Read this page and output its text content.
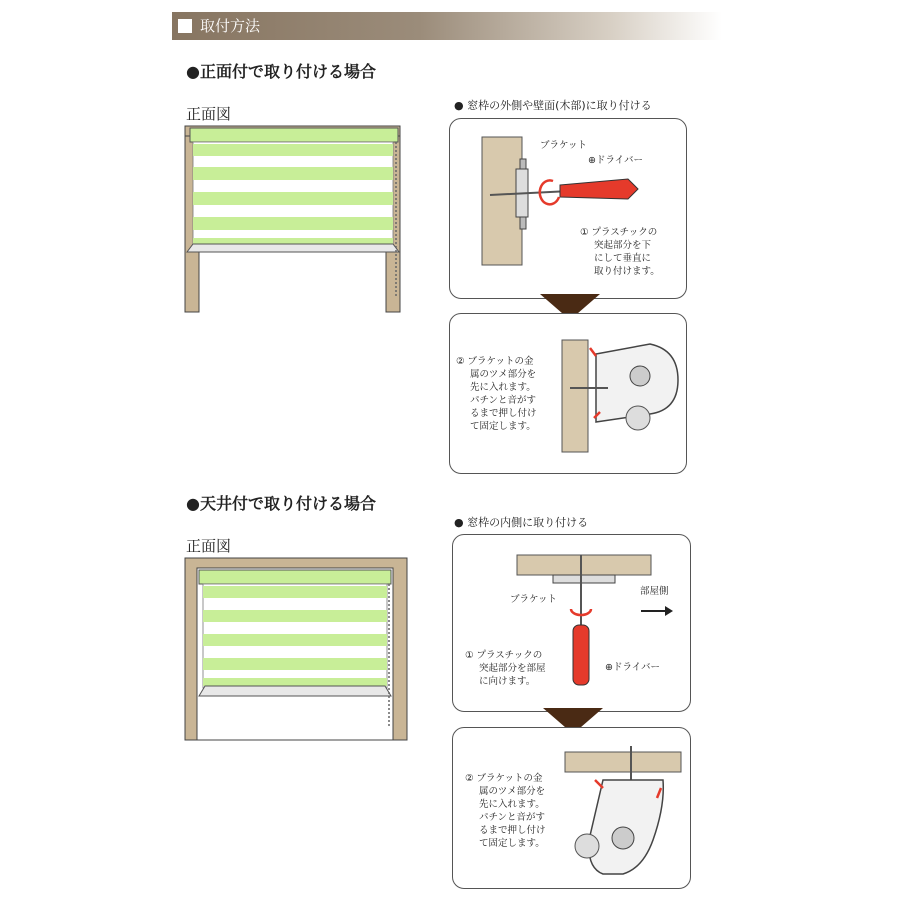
取付方法
●正面付で取り付ける場合
正面図	● 窓枠の外側や壁面(木部)に取り付ける
ブラケット
⊕ドライバー
① プラスチックの
突起部分を下
にして垂直に
取り付けます。
② ブラケットの金
属のツメ部分を
先に入れます。
パチンと音がす
るまで押し付け
て固定します。
●天井付で取り付ける場合
● 窓枠の内側に取り付ける
正面図
ブラケット
部屋側
⊕ドライバー
① プラスチックの
突起部分を部屋
に向けます。
② ブラケットの金
属のツメ部分を
先に入れます。
パチンと音がす
るまで押し付け
て固定します。
